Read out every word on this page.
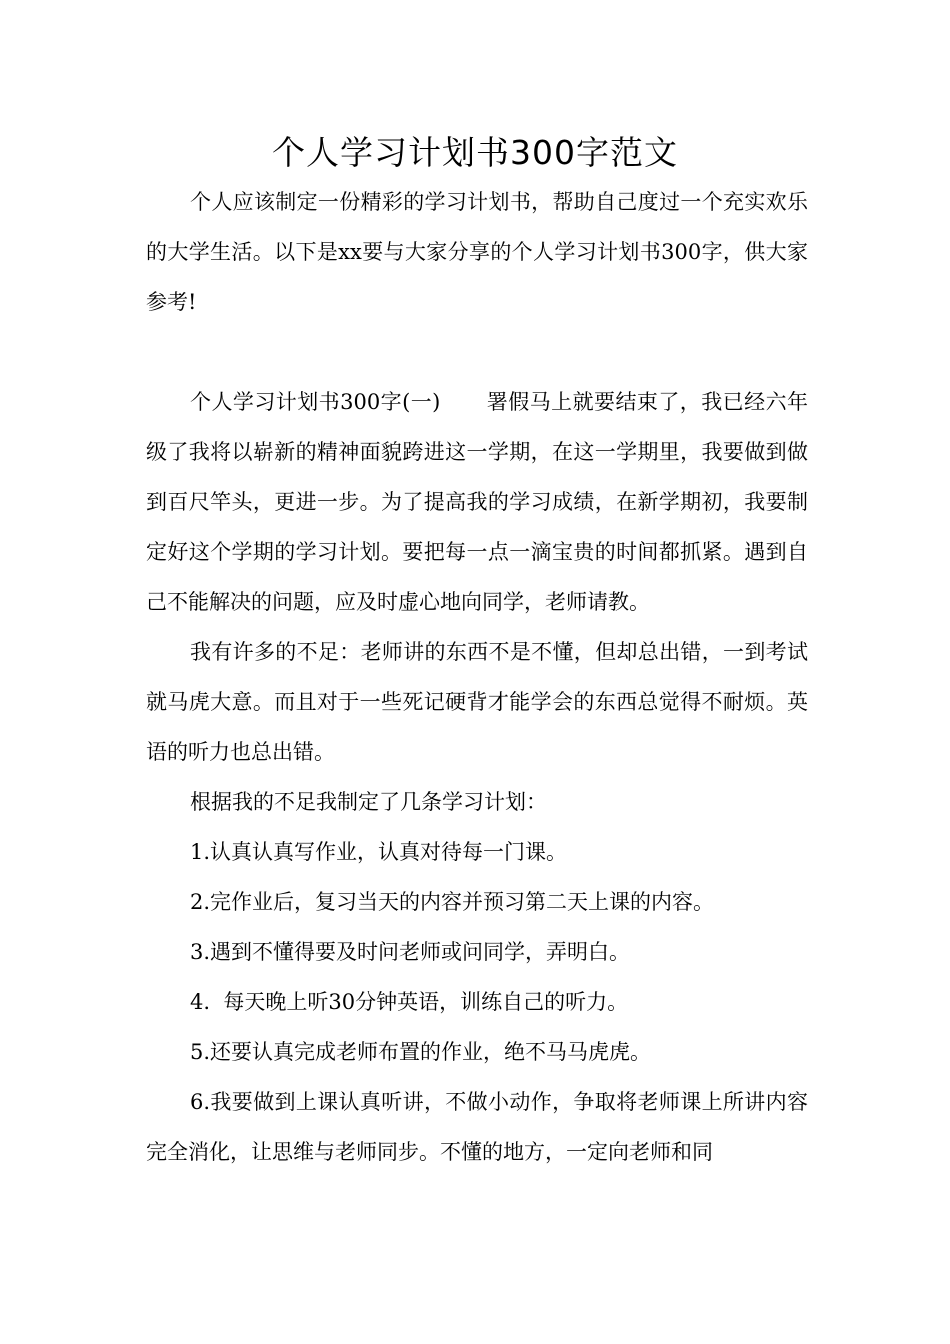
个人学习计划书300字范文

个人应该制定一份精彩的学习计划书，帮助自己度过一个充实欢乐的大学生活。以下是xx要与大家分享的个人学习计划书300字，供大家参考!

个人学习计划书300字(一) 署假马上就要结束了，我已经六年级了我将以崭新的精神面貌跨进这一学期，在这一学期里，我要做到做到百尺竿头，更进一步。为了提高我的学习成绩，在新学期初，我要制定好这个学期的学习计划。要把每一点一滴宝贵的时间都抓紧。遇到自己不能解决的问题，应及时虚心地向同学，老师请教。

我有许多的不足：老师讲的东西不是不懂，但却总出错，一到考试就马虎大意。而且对于一些死记硬背才能学会的东西总觉得不耐烦。英语的听力也总出错。

根据我的不足我制定了几条学习计划：

1.认真认真写作业，认真对待每一门课。

2.完作业后，复习当天的内容并预习第二天上课的内容。

3.遇到不懂得要及时问老师或问同学，弄明白。

4.  每天晚上听30分钟英语，训练自己的听力。

5.还要认真完成老师布置的作业，绝不马马虎虎。

6.我要做到上课认真听讲，不做小动作，争取将老师课上所讲内容完全消化，让思维与老师同步。不懂的地方，一定向老师和同
